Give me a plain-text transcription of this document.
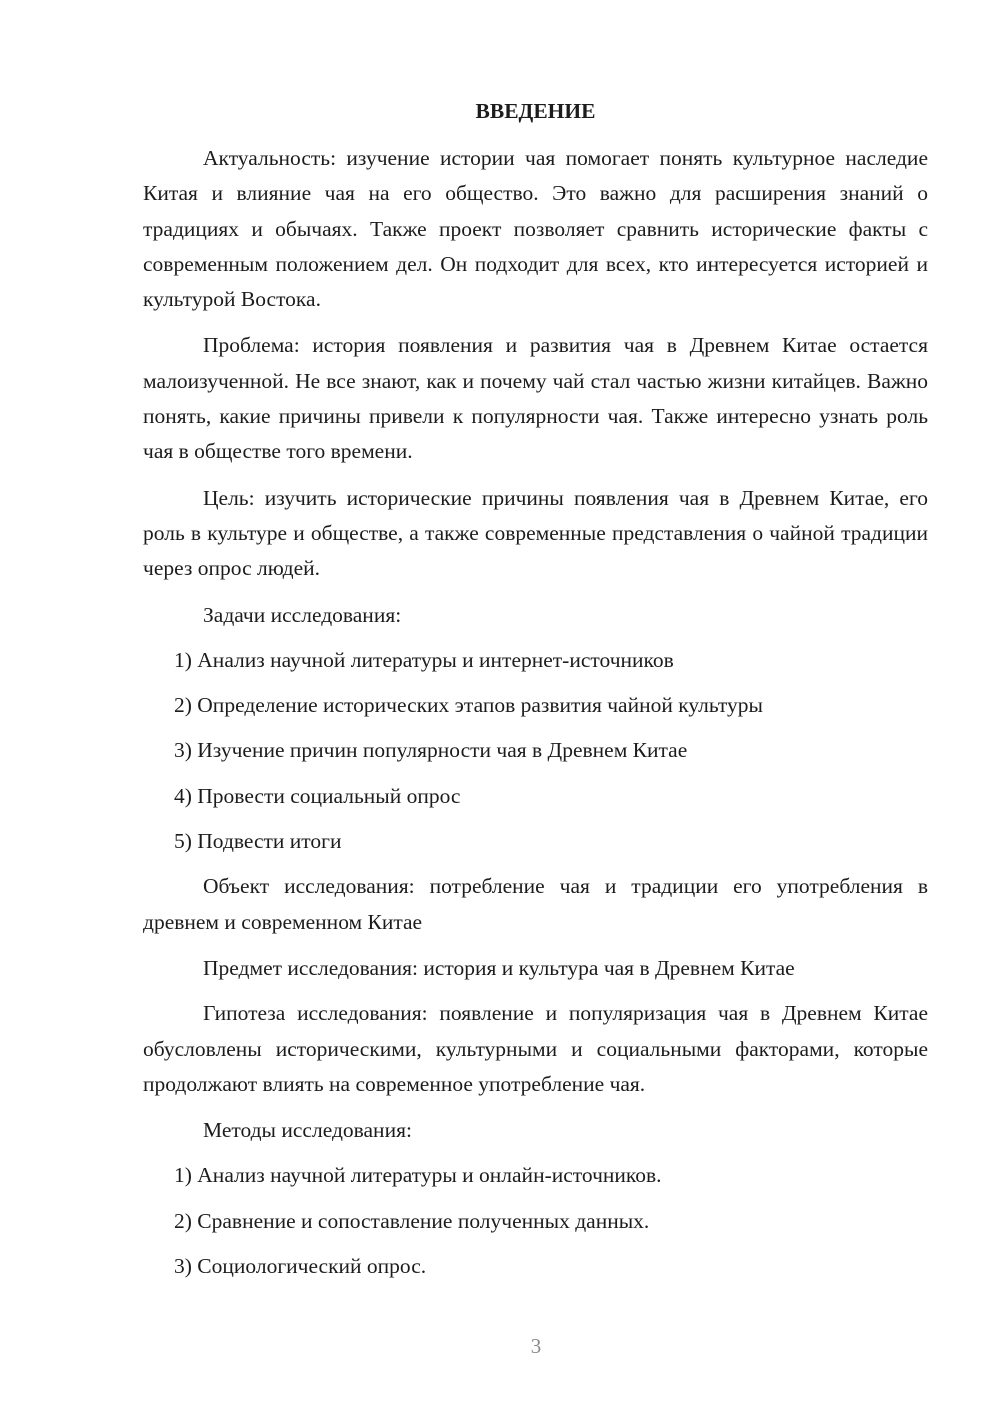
ВВЕДЕНИЕ

Актуальность: изучение истории чая помогает понять культурное наследие Китая и влияние чая на его общество. Это важно для расширения знаний о традициях и обычаях. Также проект позволяет сравнить исторические факты с современным положением дел. Он подходит для всех, кто интересуется историей и культурой Востока.

Проблема: история появления и развития чая в Древнем Китае остается малоизученной. Не все знают, как и почему чай стал частью жизни китайцев. Важно понять, какие причины привели к популярности чая. Также интересно узнать роль чая в обществе того времени.

Цель: изучить исторические причины появления чая в Древнем Китае, его роль в культуре и обществе, а также современные представления о чайной традиции через опрос людей.

Задачи исследования:
1) Анализ научной литературы и интернет-источников
2) Определение исторических этапов развития чайной культуры
3) Изучение причин популярности чая в Древнем Китае
4) Провести социальный опрос
5) Подвести итоги

Объект исследования: потребление чая и традиции его употребления в древнем и современном Китае

Предмет исследования: история и культура чая в Древнем Китае

Гипотеза исследования: появление и популяризация чая в Древнем Китае обусловлены историческими, культурными и социальными факторами, которые продолжают влиять на современное употребление чая.

Методы исследования:
1) Анализ научной литературы и онлайн-источников.
2) Сравнение и сопоставление полученных данных.
3) Социологический опрос.
3
